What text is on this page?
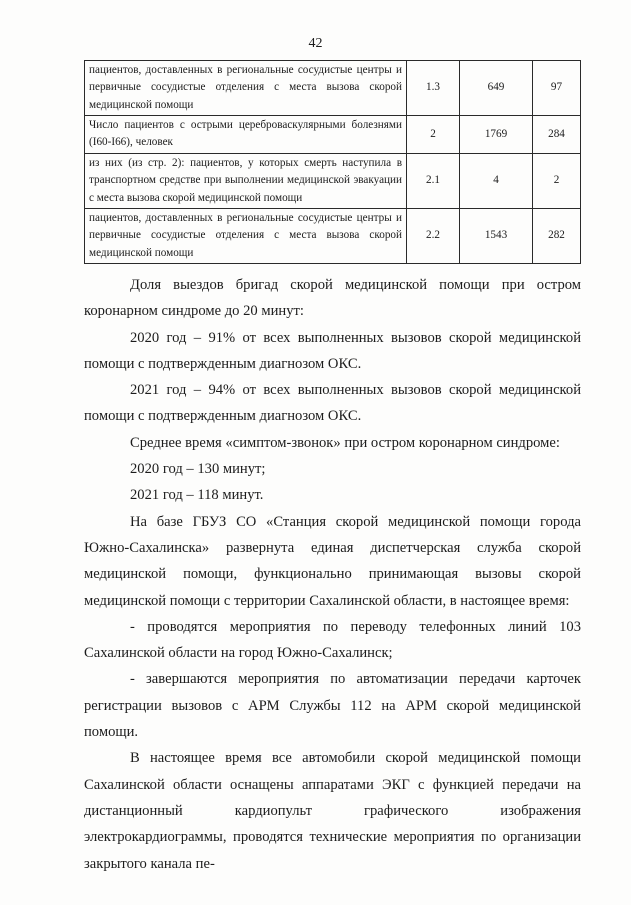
42
пациентов, доставленных в региональные сосудистые центры и первичные сосудистые отделения с места вызова скорой медицинской помощи	1.3	649	97
Число пациентов с острыми цереброваскулярными болезнями (I60-I66), человек	2	1769	284
из них (из стр. 2): пациентов, у которых смерть наступила в транспортном средстве при выполнении медицинской эвакуации с места вызова скорой медицинской помощи	2.1	4	2
пациентов, доставленных в региональные сосудистые центры и первичные сосудистые отделения с места вызова скорой медицинской помощи	2.2	1543	282

Доля выездов бригад скорой медицинской помощи при остром коронарном синдроме до 20 минут:

2020 год – 91% от всех выполненных вызовов скорой медицинской помощи с подтвержденным диагнозом ОКС.

2021 год – 94% от всех выполненных вызовов скорой медицинской помощи с подтвержденным диагнозом ОКС.

Среднее время «симптом-звонок» при остром коронарном синдроме:

2020 год – 130 минут;

2021 год – 118 минут.

На базе ГБУЗ СО «Станция скорой медицинской помощи города Южно-Сахалинска» развернута единая диспетчерская служба скорой медицинской помощи, функционально принимающая вызовы скорой медицинской помощи с территории Сахалинской области, в настоящее время:

- проводятся мероприятия по переводу телефонных линий 103 Сахалинской области на город Южно-Сахалинск;

- завершаются мероприятия по автоматизации передачи карточек регистрации вызовов с АРМ Службы 112 на АРМ скорой медицинской помощи.

В настоящее время все автомобили скорой медицинской помощи Сахалинской области оснащены аппаратами ЭКГ с функцией передачи на дистанционный кардиопульт графического изображения электрокардиограммы, проводятся технические мероприятия по организации закрытого канала пе-
